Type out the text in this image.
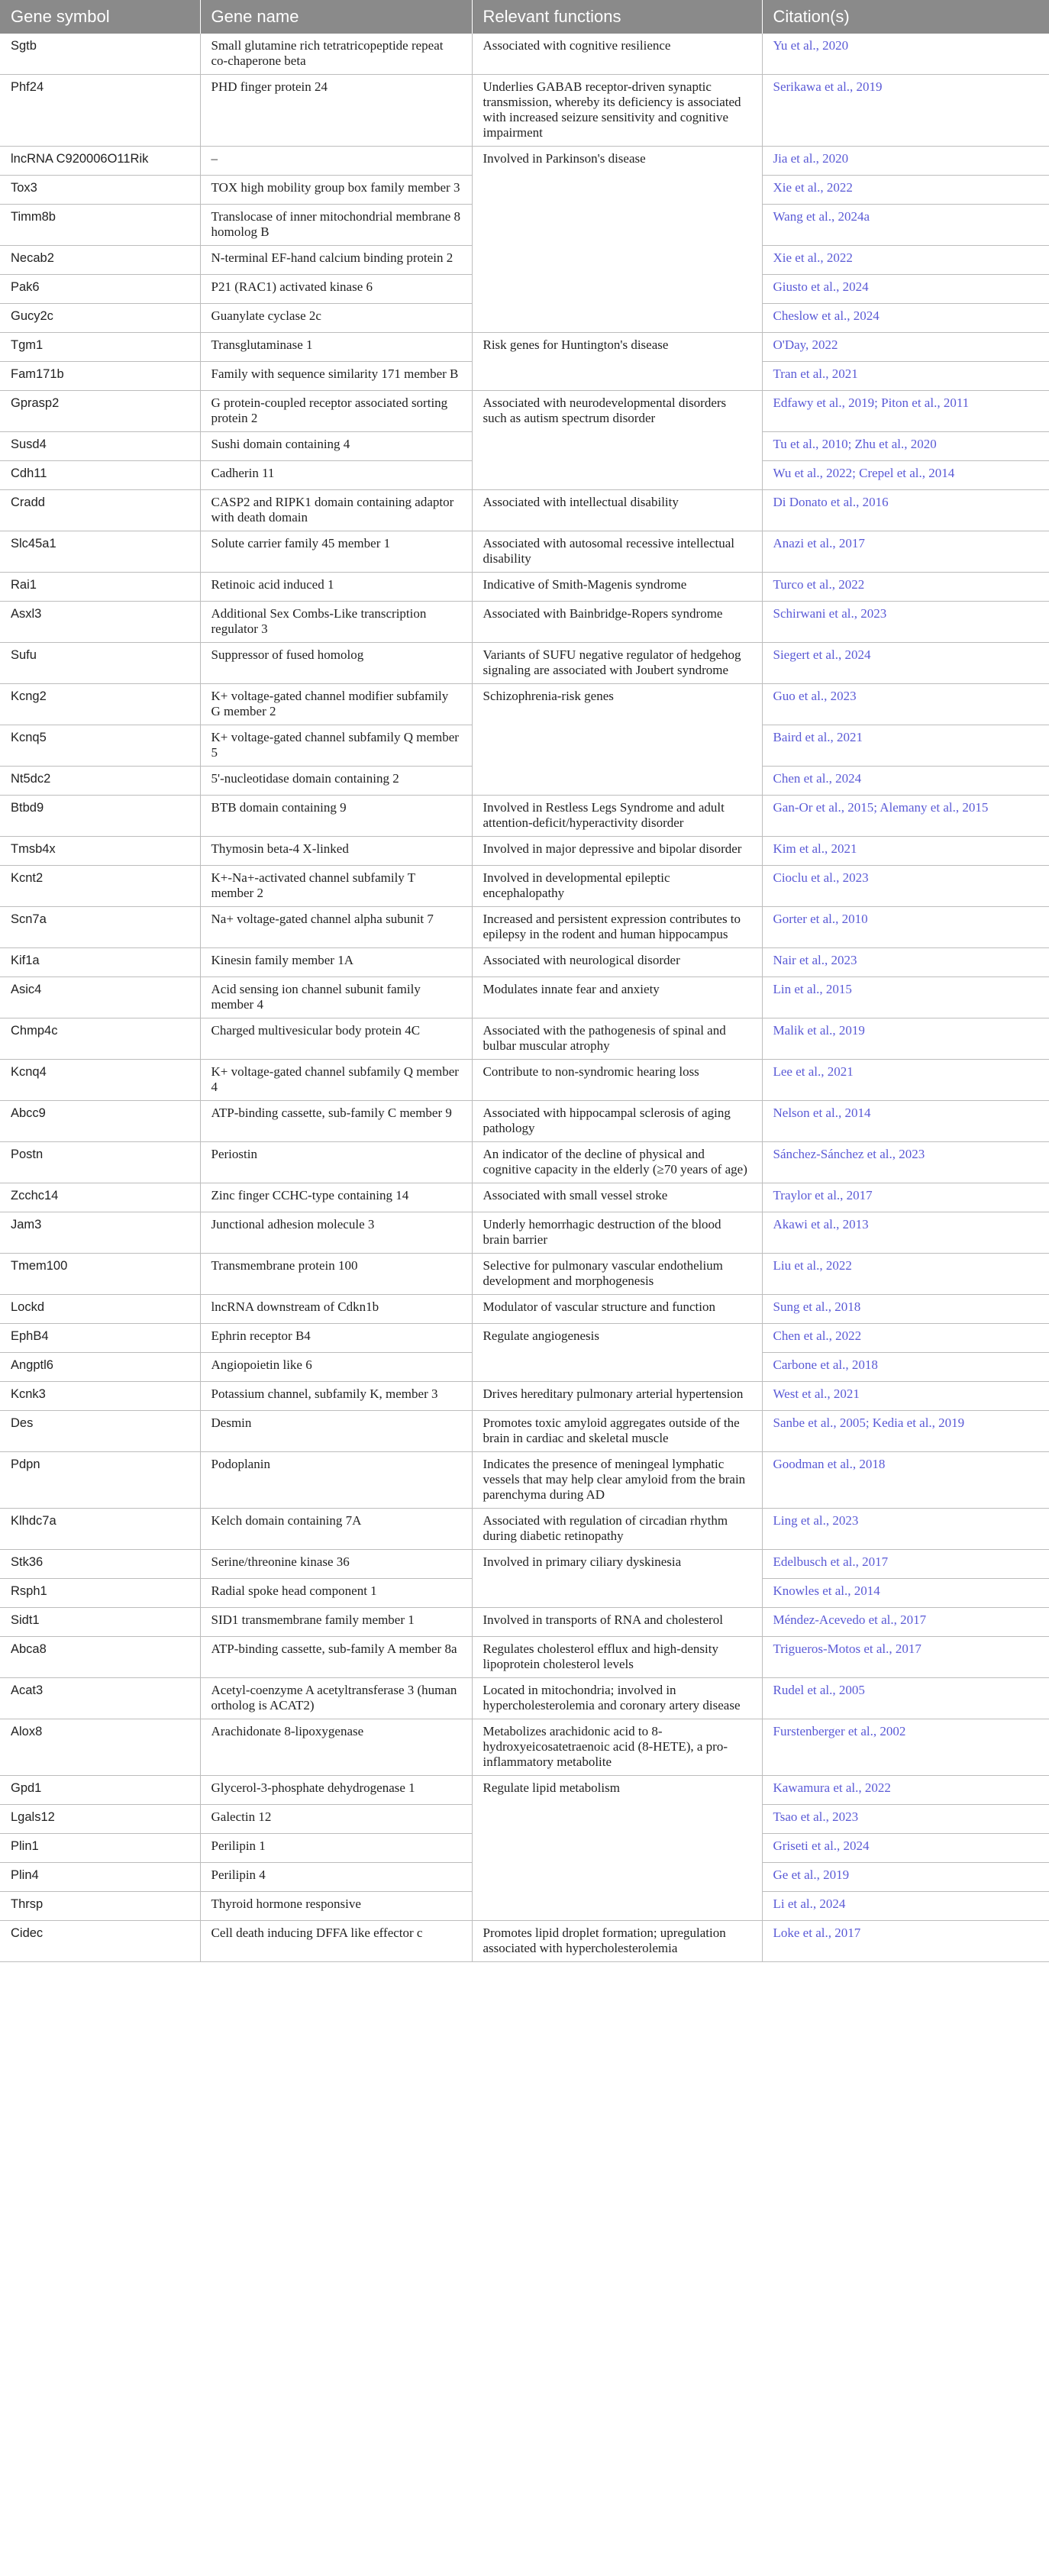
Gene symbol	Gene name	Relevant functions	Citation(s)
Sgtb	Small glutamine rich tetratricopeptide repeat co-chaperone beta	Associated with cognitive resilience	Yu et al., 2020
Phf24	PHD finger protein 24	Underlies GABAB receptor-driven synaptic transmission, whereby its deficiency is associated with increased seizure sensitivity and cognitive impairment	Serikawa et al., 2019
lncRNA C920006O11Rik	–	Involved in Parkinson's disease	Jia et al., 2020
Tox3	TOX high mobility group box family member 3		Xie et al., 2022
Timm8b	Translocase of inner mitochondrial membrane 8 homolog B		Wang et al., 2024a
Necab2	N-terminal EF-hand calcium binding protein 2		Xie et al., 2022
Pak6	P21 (RAC1) activated kinase 6		Giusto et al., 2024
Gucy2c	Guanylate cyclase 2c		Cheslow et al., 2024
Tgm1	Transglutaminase 1	Risk genes for Huntington's disease	O'Day, 2022
Fam171b	Family with sequence similarity 171 member B		Tran et al., 2021
Gprasp2	G protein-coupled receptor associated sorting protein 2	Associated with neurodevelopmental disorders such as autism spectrum disorder	Edfawy et al., 2019; Piton et al., 2011
Susd4	Sushi domain containing 4		Tu et al., 2010; Zhu et al., 2020
Cdh11	Cadherin 11		Wu et al., 2022; Crepel et al., 2014
Cradd	CASP2 and RIPK1 domain containing adaptor with death domain	Associated with intellectual disability	Di Donato et al., 2016
Slc45a1	Solute carrier family 45 member 1	Associated with autosomal recessive intellectual disability	Anazi et al., 2017
Rai1	Retinoic acid induced 1	Indicative of Smith-Magenis syndrome	Turco et al., 2022
Asxl3	Additional Sex Combs-Like transcription regulator 3	Associated with Bainbridge-Ropers syndrome	Schirwani et al., 2023
Sufu	Suppressor of fused homolog	Variants of SUFU negative regulator of hedgehog signaling are associated with Joubert syndrome	Siegert et al., 2024
Kcng2	K+ voltage-gated channel modifier subfamily G member 2	Schizophrenia-risk genes	Guo et al., 2023
Kcnq5	K+ voltage-gated channel subfamily Q member 5		Baird et al., 2021
Nt5dc2	5'-nucleotidase domain containing 2		Chen et al., 2024
Btbd9	BTB domain containing 9	Involved in Restless Legs Syndrome and adult attention-deficit/hyperactivity disorder	Gan-Or et al., 2015; Alemany et al., 2015
Tmsb4x	Thymosin beta-4 X-linked	Involved in major depressive and bipolar disorder	Kim et al., 2021
Kcnt2	K+-Na+-activated channel subfamily T member 2	Involved in developmental epileptic encephalopathy	Cioclu et al., 2023
Scn7a	Na+ voltage-gated channel alpha subunit 7	Increased and persistent expression contributes to epilepsy in the rodent and human hippocampus	Gorter et al., 2010
Kif1a	Kinesin family member 1A	Associated with neurological disorder	Nair et al., 2023
Asic4	Acid sensing ion channel subunit family member 4	Modulates innate fear and anxiety	Lin et al., 2015
Chmp4c	Charged multivesicular body protein 4C	Associated with the pathogenesis of spinal and bulbar muscular atrophy	Malik et al., 2019
Kcnq4	K+ voltage-gated channel subfamily Q member 4	Contribute to non-syndromic hearing loss	Lee et al., 2021
Abcc9	ATP-binding cassette, sub-family C member 9	Associated with hippocampal sclerosis of aging pathology	Nelson et al., 2014
Postn	Periostin	An indicator of the decline of physical and cognitive capacity in the elderly (≥70 years of age)	Sánchez-Sánchez et al., 2023
Zcchc14	Zinc finger CCHC-type containing 14	Associated with small vessel stroke	Traylor et al., 2017
Jam3	Junctional adhesion molecule 3	Underly hemorrhagic destruction of the blood brain barrier	Akawi et al., 2013
Tmem100	Transmembrane protein 100	Selective for pulmonary vascular endothelium development and morphogenesis	Liu et al., 2022
Lockd	lncRNA downstream of Cdkn1b	Modulator of vascular structure and function	Sung et al., 2018
EphB4	Ephrin receptor B4	Regulate angiogenesis	Chen et al., 2022
Angptl6	Angiopoietin like 6		Carbone et al., 2018
Kcnk3	Potassium channel, subfamily K, member 3	Drives hereditary pulmonary arterial hypertension	West et al., 2021
Des	Desmin	Promotes toxic amyloid aggregates outside of the brain in cardiac and skeletal muscle	Sanbe et al., 2005; Kedia et al., 2019
Pdpn	Podoplanin	Indicates the presence of meningeal lymphatic vessels that may help clear amyloid from the brain parenchyma during AD	Goodman et al., 2018
Klhdc7a	Kelch domain containing 7A	Associated with regulation of circadian rhythm during diabetic retinopathy	Ling et al., 2023
Stk36	Serine/threonine kinase 36	Involved in primary ciliary dyskinesia	Edelbusch et al., 2017
Rsph1	Radial spoke head component 1		Knowles et al., 2014
Sidt1	SID1 transmembrane family member 1	Involved in transports of RNA and cholesterol	Méndez-Acevedo et al., 2017
Abca8	ATP-binding cassette, sub-family A member 8a	Regulates cholesterol efflux and high-density lipoprotein cholesterol levels	Trigueros-Motos et al., 2017
Acat3	Acetyl-coenzyme A acetyltransferase 3 (human ortholog is ACAT2)	Located in mitochondria; involved in hypercholesterolemia and coronary artery disease	Rudel et al., 2005
Alox8	Arachidonate 8-lipoxygenase	Metabolizes arachidonic acid to 8-hydroxyeicosatetraenoic acid (8-HETE), a pro-inflammatory metabolite	Furstenberger et al., 2002
Gpd1	Glycerol-3-phosphate dehydrogenase 1	Regulate lipid metabolism	Kawamura et al., 2022
Lgals12	Galectin 12		Tsao et al., 2023
Plin1	Perilipin 1		Griseti et al., 2024
Plin4	Perilipin 4		Ge et al., 2019
Thrsp	Thyroid hormone responsive		Li et al., 2024
Cidec	Cell death inducing DFFA like effector c	Promotes lipid droplet formation; upregulation associated with hypercholesterolemia	Loke et al., 2017
